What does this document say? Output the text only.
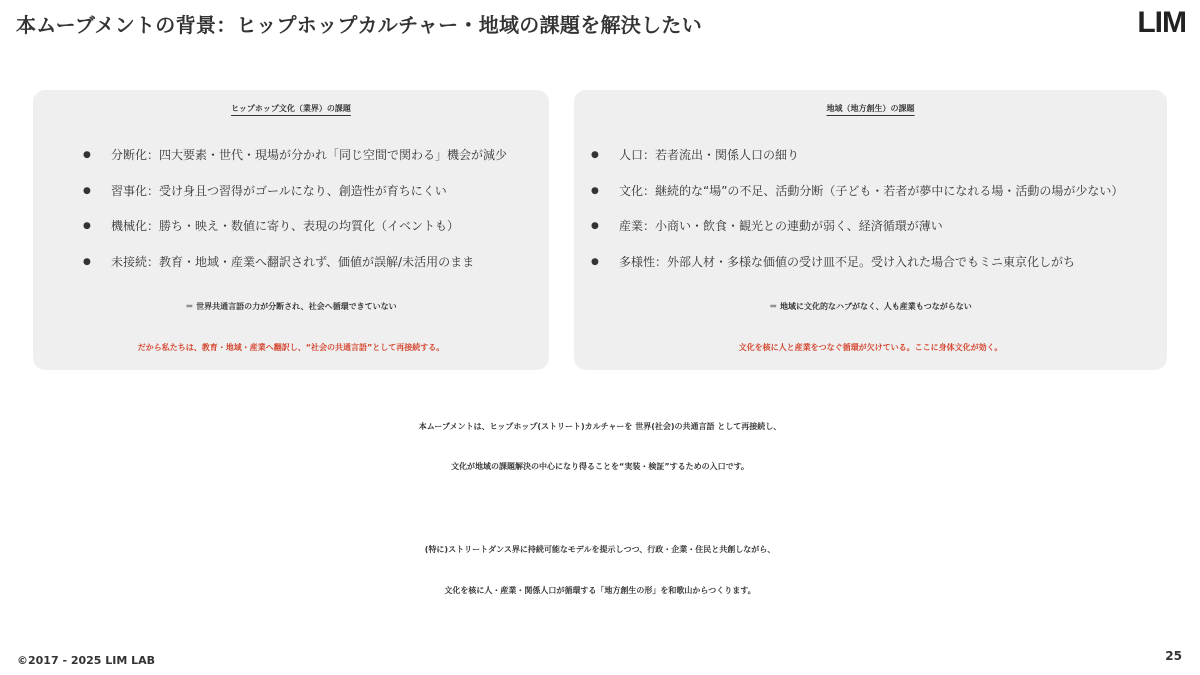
本ムーブメントの背景：ヒップホップカルチャー・地域の課題を解決したい	LIM
ヒップホップ文化（業界）の課題
● 分断化：四大要素・世代・現場が分かれ「同じ空間で関わる」機会が減少
● 習事化：受け身且つ習得がゴールになり、創造性が育ちにくい
● 機械化：勝ち・映え・数値に寄り、表現の均質化（イベントも）
● 未接続：教育・地域・産業へ翻訳されず、価値が誤解/未活用のまま
＝ 世界共通言語の力が分断され、社会へ循環できていない
だから私たちは、教育・地域・産業へ翻訳し、“社会の共通言語”として再接続する。
地域（地方創生）の課題
● 人口：若者流出・関係人口の細り
● 文化：継続的な“場”の不足、活動分断（子ども・若者が夢中になれる場・活動の場が少ない）
● 産業：小商い・飲食・観光との連動が弱く、経済循環が薄い
● 多様性：外部人材・多様な価値の受け皿不足。受け入れた場合でもミニ東京化しがち
＝ 地域に文化的なハブがなく、人も産業もつながらない
文化を核に人と産業をつなぐ循環が欠けている。ここに身体文化が効く。
本ムーブメントは、ヒップホップ(ストリート)カルチャーを 世界(社会)の共通言語 として再接続し、
文化が地域の課題解決の中心になり得ることを“実装・検証”するための入口です。
(特に)ストリートダンス界に持続可能なモデルを提示しつつ、行政・企業・住民と共創しながら、
文化を核に人・産業・関係人口が循環する「地方創生の形」を和歌山からつくります。
©2017 - 2025 LIM LAB	25
